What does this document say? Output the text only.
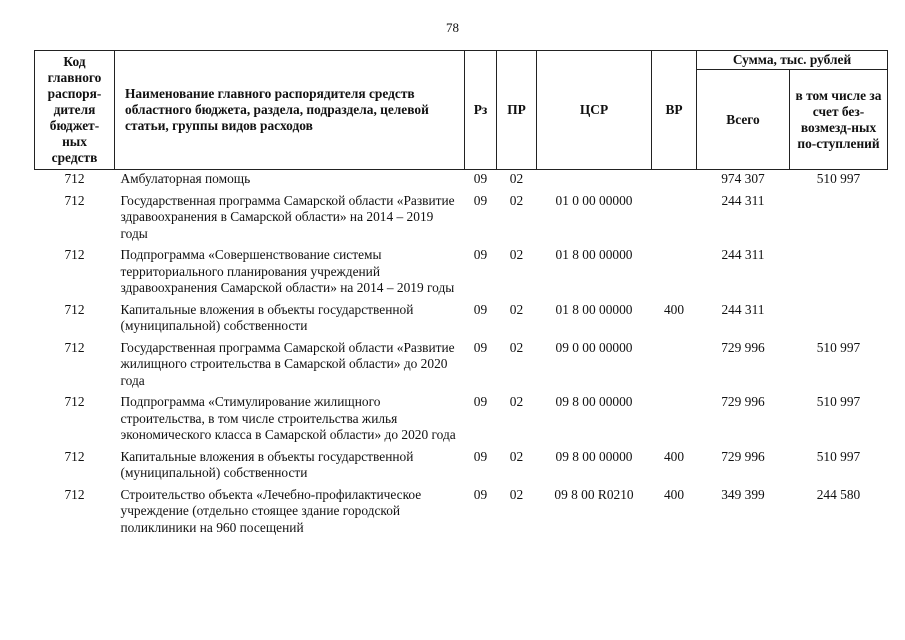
78
Код главного распоря-дителя бюджет-ных средств	Наименование главного распорядителя средств областного бюджета, раздела, подраздела, целевой статьи, группы видов расходов	Рз	ПР	ЦСР	ВР	Сумма, тыс. рублей	
						Всего	в том числе за счет без-возмезд-ных по-ступлений
712	Амбулаторная помощь	09	02			974 307	510 997
712	Государственная программа Самарской области «Развитие здравоохранения в Самарской области» на 2014 – 2019 годы	09	02	01 0 00 00000		244 311	
712	Подпрограмма «Совершенствование системы территориального планирования учреждений здравоохранения Самарской области» на 2014 – 2019 годы	09	02	01 8 00 00000		244 311	
712	Капитальные вложения в объекты государственной (муниципальной) собственности	09	02	01 8 00 00000	400	244 311	
712	Государственная программа Самарской области «Развитие жилищного строительства в Самарской области» до 2020 года	09	02	09 0 00 00000		729 996	510 997
712	Подпрограмма «Стимулирование жилищного строительства, в том числе строительства жилья экономического класса в Самарской области» до 2020 года	09	02	09 8 00 00000		729 996	510 997
712	Капитальные вложения в объекты государственной (муниципальной) собственности	09	02	09 8 00 00000	400	729 996	510 997
712	Строительство объекта «Лечебно-профилактическое учреждение (отдельно стоящее здание городской поликлиники на 960 посещений	09	02	09 8 00 R0210	400	349 399	244 580
